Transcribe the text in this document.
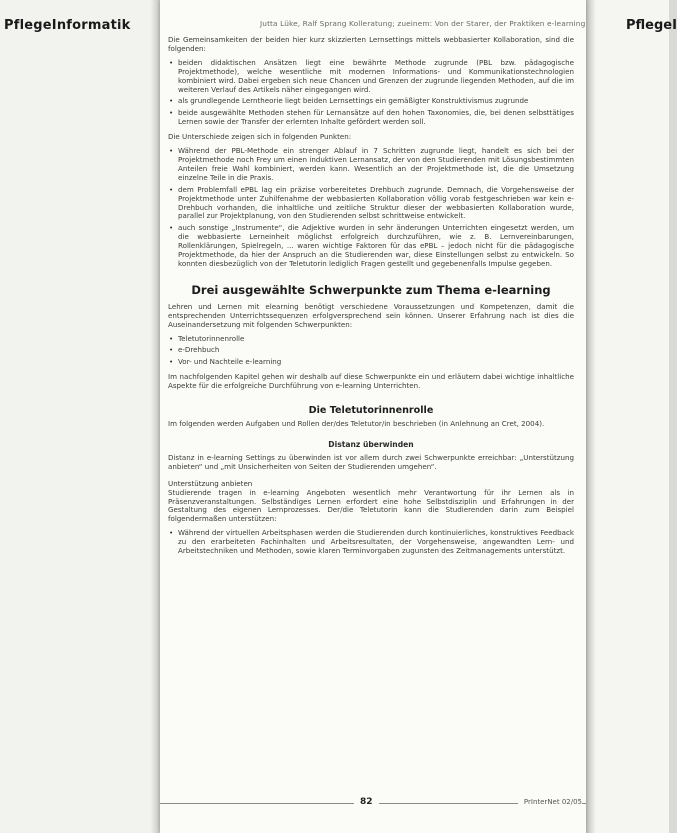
PflegeInformatik	PflegeI
Jutta Lüke, Ralf Sprang Kolleratung; zueinem: Von der Starer, der Praktiken e-learning

Die Gemeinsamkeiten der beiden hier kurz skizzierten Lernsettings mittels webbasierter Kollaboration, sind die folgenden:

• beiden didaktischen Ansätzen liegt eine bewährte Methode zugrunde (PBL bzw. pädagogische Projektmethode), welche wesentliche mit modernen Informations- und Kommunikationstechnologien kombiniert wird. Dabei ergeben sich neue Chancen und Grenzen der zugrunde liegenden Methoden, auf die im weiteren Verlauf des Artikels näher eingegangen wird.
• als grundlegende Lerntheorie liegt beiden Lernsettings ein gemäßigter Konstruktivismus zugrunde
• beide ausgewählte Methoden stehen für Lernansätze auf den hohen Taxonomies, die, bei denen selbsttätiges Lernen sowie der Transfer der erlernten Inhalte gefördert werden soll.

Die Unterschiede zeigen sich in folgenden Punkten:

• Während der PBL-Methode ein strenger Ablauf in 7 Schritten zugrunde liegt, handelt es sich bei der Projektmethode noch Frey um einen induktiven Lernansatz, der von den Studierenden mit Lösungsbestimmten Anteilen freie Wahl kombiniert, werden kann. Wesentlich an der Projektmethode ist, die die Umsetzung einzelne Teile in die Praxis.
• dem Problemfall ePBL lag ein präzise vorbereitetes Drehbuch zugrunde. Demnach, die Vorgehensweise der Projektmethode unter Zuhilfenahme der webbasierten Kollaboration völlig vorab festgeschrieben war kein e-Drehbuch vorhanden, die inhaltliche und zeitliche Struktur dieser der webbasierten Kollaboration wurde, parallel zur Projektplanung, von den Studierenden selbst schrittweise entwickelt.
• auch sonstige „Instrumente“, die Adjektive wurden in sehr änderungen Unterrichten eingesetzt werden, um die webbasierte Lerneinheit möglichst erfolgreich durchzuführen, wie z. B. Lernvereinbarungen, Rollenklärungen, Spielregeln, ... waren wichtige Faktoren für das ePBL – jedoch nicht für die pädagogische Projektmethode, da hier der Anspruch an die Studierenden war, diese Einstellungen selbst zu entwickeln. So konnten diesbezüglich von der Teletutorin lediglich Fragen gestellt und gegebenenfalls Impulse gegeben.
Drei ausgewählte Schwerpunkte zum Thema e-learning

Lehren und Lernen mit elearning benötigt verschiedene Voraussetzungen und Kompetenzen, damit die entsprechenden Unterrichtssequenzen erfolgversprechend sein können. Unserer Erfahrung nach ist dies die Auseinandersetzung mit folgenden Schwerpunkten:

• Teletutorinnenrolle
• e-Drehbuch
• Vor- und Nachteile e-learning

Im nachfolgenden Kapitel gehen wir deshalb auf diese Schwerpunkte ein und erläutern dabei wichtige inhaltliche Aspekte für die erfolgreiche Durchführung von e-learning Unterrichten.

Die Teletutorinnenrolle

Im folgenden werden Aufgaben und Rollen der/des Teletutor/in beschrieben (in Anlehnung an Cret, 2004).

Distanz überwinden

Distanz in e-learning Settings zu überwinden ist vor allem durch zwei Schwerpunkte erreichbar: „Unterstützung anbieten“ und „mit Unsicherheiten von Seiten der Studierenden umgehen“.

Unterstützung anbieten

Studierende tragen in e-learning Angeboten wesentlich mehr Verantwortung für ihr Lernen als in Präsenzveranstaltungen. Selbständiges Lernen erfordert eine hohe Selbstdisziplin und Erfahrungen in der Gestaltung des eigenen Lernprozesses. Der/die Teletutorin kann die Studierenden darin zum Beispiel folgendermaßen unterstützen:

• Während der virtuellen Arbeitsphasen werden die Studierenden durch kontinuierliches, konstruktives Feedback zu den erarbeiteten Fachinhalten und Arbeitsresultaten, der Vorgehensweise, angewandten Lern- und Arbeitstechniken und Methoden, sowie klaren Terminvorgaben zugunsten des Zeitmanagements unterstützt.
82	PrInterNet 02/05
